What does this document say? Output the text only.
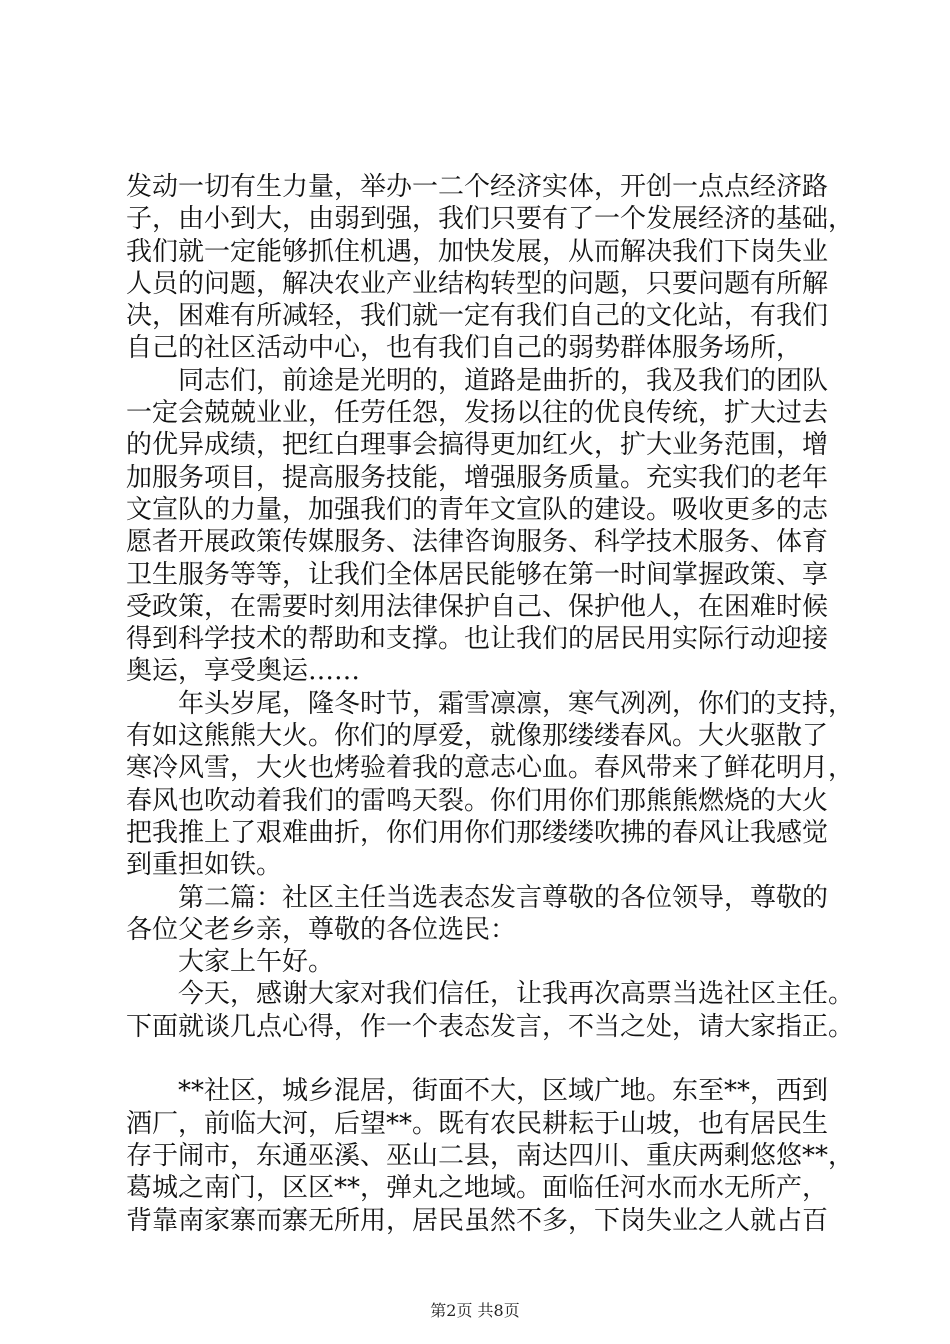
发动一切有生力量，举办一二个经济实体，开创一点点经济路
子，由小到大，由弱到强，我们只要有了一个发展经济的基础，
我们就一定能够抓住机遇，加快发展，从而解决我们下岗失业
人员的问题，解决农业产业结构转型的问题，只要问题有所解
决，困难有所减轻，我们就一定有我们自己的文化站，有我们
自己的社区活动中心，也有我们自己的弱势群体服务场所，
　　同志们，前途是光明的，道路是曲折的，我及我们的团队
一定会兢兢业业，任劳任怨，发扬以往的优良传统，扩大过去
的优异成绩，把红白理事会搞得更加红火，扩大业务范围，增
加服务项目，提高服务技能，增强服务质量。充实我们的老年
文宣队的力量，加强我们的青年文宣队的建设。吸收更多的志
愿者开展政策传媒服务、法律咨询服务、科学技术服务、体育
卫生服务等等，让我们全体居民能够在第一时间掌握政策、享
受政策，在需要时刻用法律保护自己、保护他人，在困难时候
得到科学技术的帮助和支撑。也让我们的居民用实际行动迎接
奥运，享受奥运……
　　年头岁尾，隆冬时节，霜雪凛凛，寒气冽冽，你们的支持，
有如这熊熊大火。你们的厚爱，就像那缕缕春风。大火驱散了
寒冷风雪，大火也烤验着我的意志心血。春风带来了鲜花明月，
春风也吹动着我们的雷鸣天裂。你们用你们那熊熊燃烧的大火
把我推上了艰难曲折，你们用你们那缕缕吹拂的春风让我感觉
到重担如铁。
　　第二篇：社区主任当选表态发言尊敬的各位领导，尊敬的
各位父老乡亲，尊敬的各位选民：
　　大家上午好。
　　今天，感谢大家对我们信任，让我再次高票当选社区主任。
下面就谈几点心得，作一个表态发言，不当之处，请大家指正。
　　**社区，城乡混居，街面不大，区域广地。东至**，西到
酒厂，前临大河，后望**。既有农民耕耘于山坡，也有居民生
存于闹市，东通巫溪、巫山二县，南达四川、重庆两剩悠悠**，
葛城之南门，区区**，弹丸之地域。面临任河水而水无所产，
背靠南家寨而寨无所用，居民虽然不多，下岗失业之人就占百
第2页 共8页
